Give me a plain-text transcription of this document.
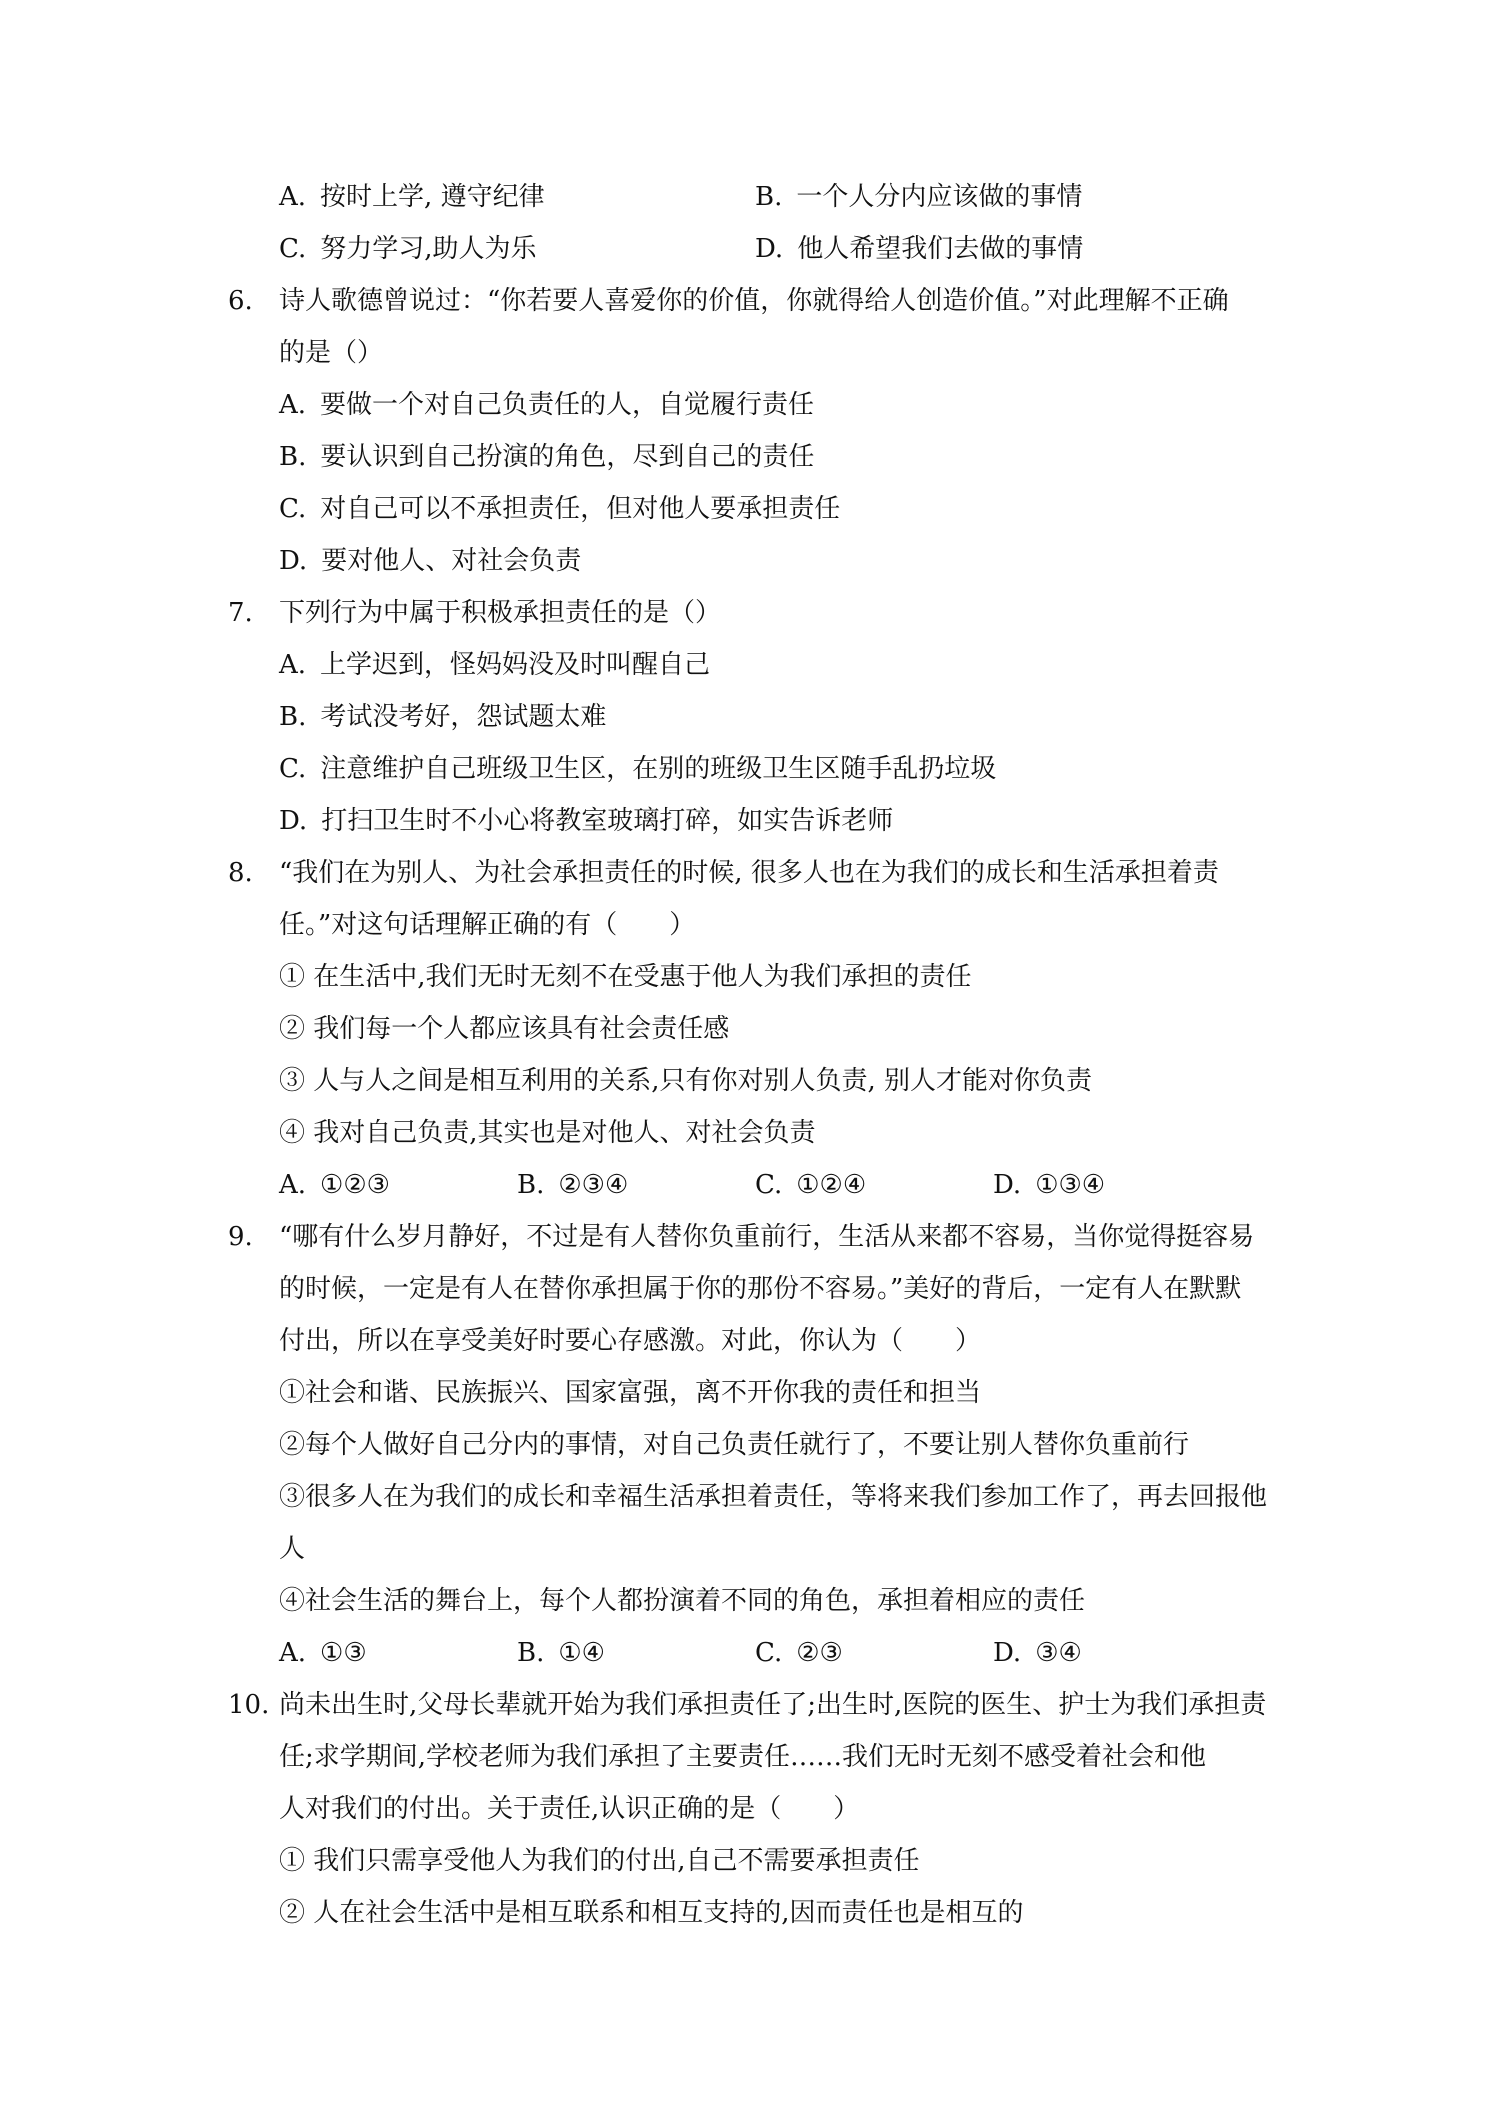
A. 按时上学, 遵守纪律	B. 一个人分内应该做的事情
C. 努力学习,助人为乐	D. 他人希望我们去做的事情
6. 诗人歌德曾说过：“你若要人喜爱你的价值，你就得给人创造价值。”对此理解不正确
的是（）
A. 要做一个对自己负责任的人，自觉履行责任
B. 要认识到自己扮演的角色，尽到自己的责任
C. 对自己可以不承担责任，但对他人要承担责任
D. 要对他人、对社会负责
7. 下列行为中属于积极承担责任的是（）
A. 上学迟到，怪妈妈没及时叫醒自己
B. 考试没考好，怨试题太难
C. 注意维护自己班级卫生区，在别的班级卫生区随手乱扔垃圾
D. 打扫卫生时不小心将教室玻璃打碎，如实告诉老师
8. “我们在为别人、为社会承担责任的时候, 很多人也在为我们的成长和生活承担着责
任。”对这句话理解正确的有（　　）
① 在生活中,我们无时无刻不在受惠于他人为我们承担的责任
② 我们每一个人都应该具有社会责任感
③ 人与人之间是相互利用的关系,只有你对别人负责, 别人才能对你负责
④ 我对自己负责,其实也是对他人、对社会负责
A. ①②③	B. ②③④	C. ①②④	D. ①③④
9. “哪有什么岁月静好，不过是有人替你负重前行，生活从来都不容易，当你觉得挺容易
的时候，一定是有人在替你承担属于你的那份不容易。”美好的背后，一定有人在默默
付出，所以在享受美好时要心存感激。对此，你认为（　　）
①社会和谐、民族振兴、国家富强，离不开你我的责任和担当
②每个人做好自己分内的事情，对自己负责任就行了，不要让别人替你负重前行
③很多人在为我们的成长和幸福生活承担着责任，等将来我们参加工作了，再去回报他
人
④社会生活的舞台上，每个人都扮演着不同的角色，承担着相应的责任
A. ①③	B. ①④	C. ②③	D. ③④
10. 尚未出生时,父母长辈就开始为我们承担责任了;出生时,医院的医生、护士为我们承担责
任;求学期间,学校老师为我们承担了主要责任‥‥‥我们无时无刻不感受着社会和他
人对我们的付出。关于责任,认识正确的是（　　）
① 我们只需享受他人为我们的付出,自己不需要承担责任
② 人在社会生活中是相互联系和相互支持的,因而责任也是相互的
